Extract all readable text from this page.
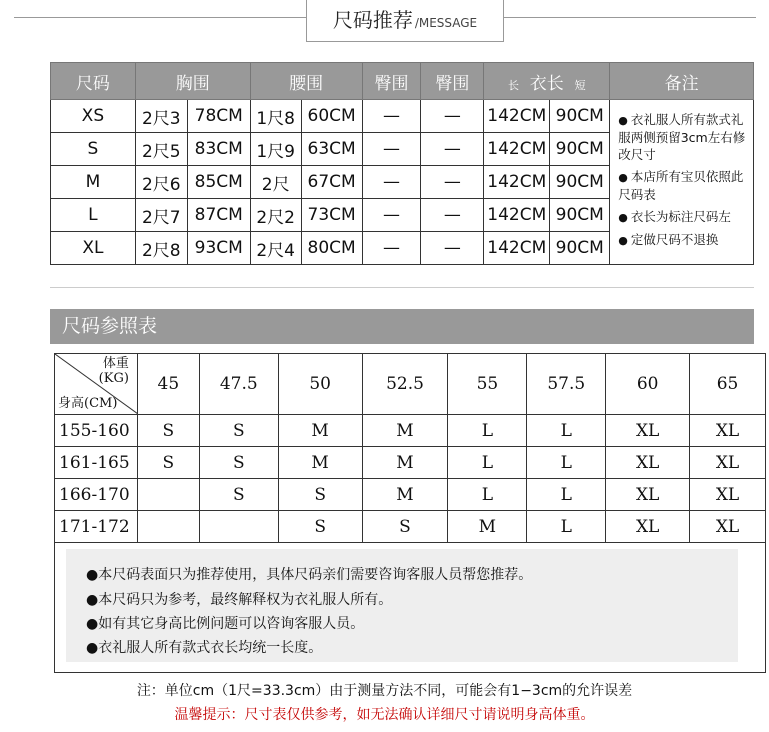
尺码推荐 /MESSAGE
尺码	胸围		腰围		臀围	臀围	长 衣长 短		备注
XS	2尺3	78CM	1尺8	60CM	—	—	142CM	90CM	● 衣礼服人所有款式礼服两侧预留3cm左右修改尺寸
● 本店所有宝贝依照此尺码表
● 衣长为标注尺码左
● 定做尺码不退换

S	2尺5	83CM	1尺9	63CM	—	—	142CM	90CM	
M	2尺6	85CM	2尺	67CM	—	—	142CM	90CM	
L	2尺7	87CM	2尺2	73CM	—	—	142CM	90CM	
XL	2尺8	93CM	2尺4	80CM	—	—	142CM	90CM	
尺码参照表
体重
(KG)
身高(CM)	45	47.5	50	52.5	55	57.5	60	65
155-160	S	S	M	M	L	L	XL	XL
161-165	S	S	M	M	L	L	XL	XL
166-170		S	S	M	L	L	XL	XL
171-172			S	S	M	L	XL	XL
●本尺码表面只为推荐使用，具体尺码亲们需要咨询客服人员帮您推荐。
●本尺码只为参考，最终解释权为衣礼服人所有。
●如有其它身高比例问题可以咨询客服人员。
●衣礼服人所有款式衣长均统一长度。
注：单位cm（1尺=33.3cm）由于测量方法不同，可能会有1−3cm的允许误差
温馨提示：尺寸表仅供参考，如无法确认详细尺寸请说明身高体重。
